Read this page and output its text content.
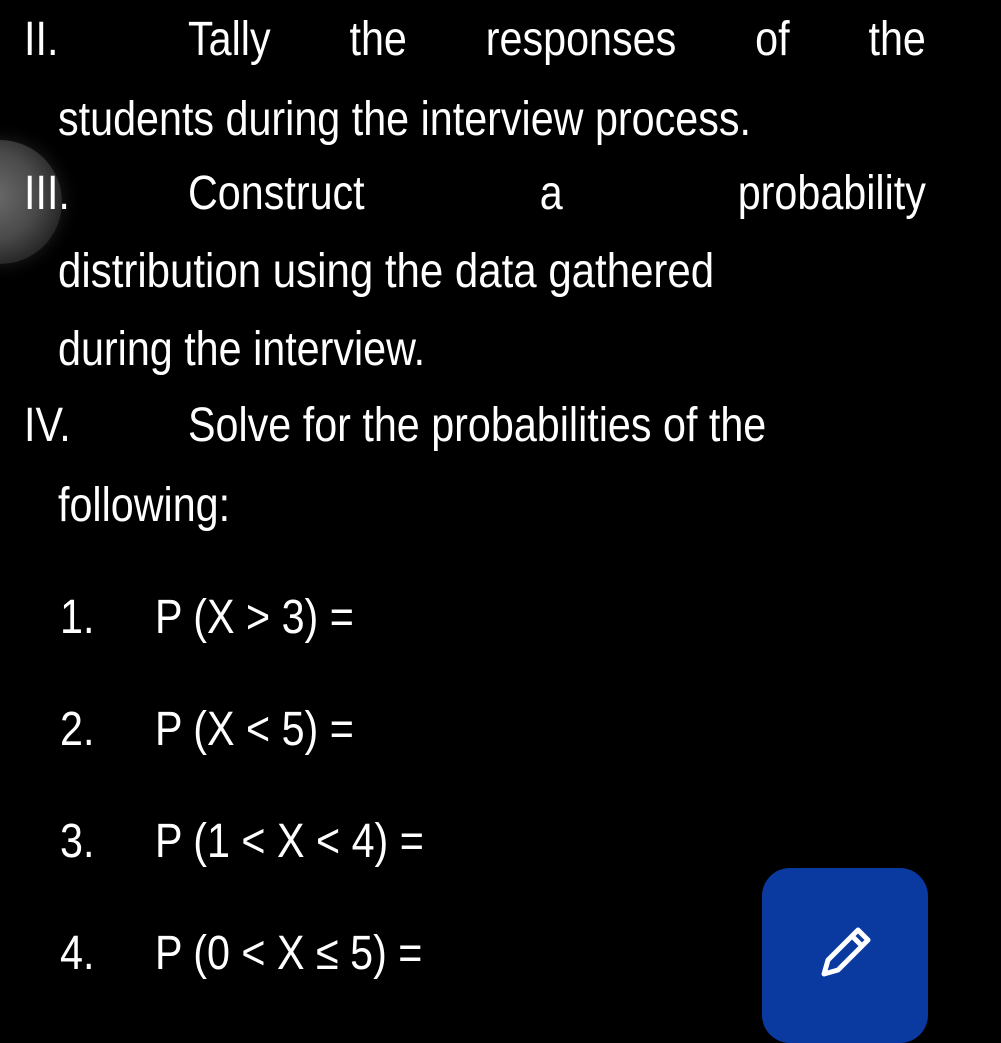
II.	Tally the responses of the
students during the interview process.
III. Construct	a	probability
distribution using the data gathered
during the interview.
IV. Solve for the probabilities of the
following:
1. P (X > 3) =
2. P (X < 5) =
3. P (1 < X < 4) =
4. P (0 < X ≤ 5) =
